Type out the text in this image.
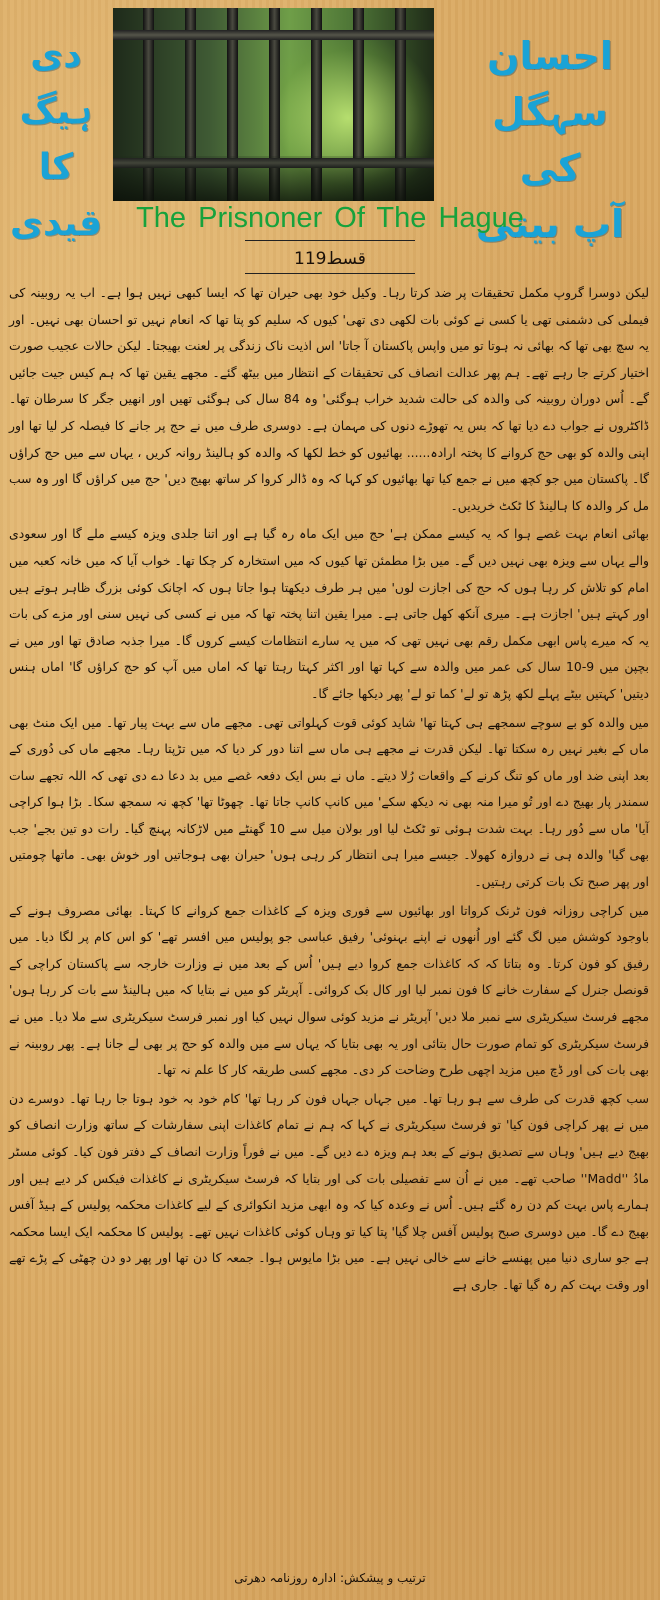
احسان سہگل
کی
آپ بیتی
دی ہیگ
کا
قیدی	The Prisnoner Of The Hague
قسط119

لیکن دوسرا گروپ مکمل تحقیقات پر ضد کرتا رہا۔ وکیل خود بھی حیران تھا کہ ایسا کبھی نہیں ہوا ہے۔ اب یہ روبینہ کی فیملی کی دشمنی تھی یا کسی نے کوئی بات لکھی دی تھی' کیوں کہ سلیم کو پتا تھا کہ انعام نہیں تو احسان بھی نہیں۔ اور یہ سچ بھی تھا کہ بھائی نہ ہوتا تو میں واپس پاکستان آ جاتا' اس اذیت ناک زندگی پر لعنت بھیجتا۔ لیکن حالات عجیب صورت اختیار کرتے جا رہے تھے۔ ہم پھر عدالت انصاف کی تحقیقات کے انتظار میں بیٹھ گئے۔ مجھے یقین تھا کہ ہم کیس جیت جائیں گے۔ اُس دوران روبینہ کی والدہ کی حالت شدید خراب ہوگئی' وہ 84 سال کی ہوگئی تھیں اور انھیں جگر کا سرطان تھا۔ ڈاکٹروں نے جواب دے دیا تھا کہ بس یہ تھوڑے دنوں کی مہمان ہے۔ دوسری طرف میں نے حج پر جانے کا فیصلہ کر لیا تھا اور اپنی والدہ کو بھی حج کروانے کا پختہ ارادہ...... بھائیوں کو خط لکھا کہ والدہ کو ہالینڈ روانہ کریں ، یہاں سے میں حج کراؤں گا۔ پاکستان میں جو کچھ میں نے جمع کیا تھا بھائیوں کو کہا کہ وہ ڈالر کروا کر ساتھ بھیج دیں' حج میں کراؤں گا اور وہ سب مل کر والدہ کا ہالینڈ کا ٹکٹ خریدیں۔

بھائی انعام بہت غصے ہوا کہ یہ کیسے ممکن ہے' حج میں ایک ماہ رہ گیا ہے اور اتنا جلدی ویزہ کیسے ملے گا اور سعودی والے یہاں سے ویزہ بھی نہیں دیں گے۔ میں بڑا مطمئن تھا کیوں کہ میں استخارہ کر چکا تھا۔ خواب آیا کہ میں خانہ کعبہ میں امام کو تلاش کر رہا ہوں کہ حج کی اجازت لوں' میں ہر طرف دیکھتا ہوا جاتا ہوں کہ اچانک کوئی بزرگ ظاہر ہوتے ہیں اور کہتے ہیں' اجازت ہے۔ میری آنکھ کھل جاتی ہے۔ میرا یقین اتنا پختہ تھا کہ میں نے کسی کی نہیں سنی اور مزے کی بات یہ کہ میرے پاس ابھی مکمل رقم بھی نہیں تھی کہ میں یہ سارے انتظامات کیسے کروں گا۔ میرا جذبہ صادق تھا اور میں نے بچپن میں 9-10 سال کی عمر میں والدہ سے کہا تھا اور اکثر کہتا رہتا تھا کہ اماں میں آپ کو حج کراؤں گا' اماں ہنس دیتیں' کہتیں بیٹے پہلے لکھ پڑھ تو لے' کما تو لے' پھر دیکھا جائے گا۔

میں والدہ کو بے سوچے سمجھے ہی کہتا تھا' شاید کوئی قوت کہلواتی تھی۔ مجھے ماں سے بہت پیار تھا۔ میں ایک منٹ بھی ماں کے بغیر نہیں رہ سکتا تھا۔ لیکن قدرت نے مجھے ہی ماں سے اتنا دور کر دیا کہ میں تڑپتا رہا۔ مجھے ماں کی دُوری کے بعد اپنی ضد اور ماں کو تنگ کرنے کے واقعات رُلا دیتے۔ ماں نے بس ایک دفعہ غصے میں بد دعا دے دی تھی کہ اللہ تجھے سات سمندر پار بھیج دے اور تُو میرا منہ بھی نہ دیکھ سکے' میں کانپ کانپ جاتا تھا۔ چھوٹا تھا' کچھ نہ سمجھ سکا۔ بڑا ہوا کراچی آیا' ماں سے دُور رہا۔ بہت شدت ہوئی تو ٹکٹ لیا اور بولان میل سے 10 گھنٹے میں لاڑکانہ پہنچ گیا۔ رات دو تین بجے' جب بھی گیا' والدہ ہی نے دروازہ کھولا۔ جیسے میرا ہی انتظار کر رہی ہوں' حیران بھی ہوجاتیں اور خوش بھی۔ ماتھا چومتیں اور پھر صبح تک بات کرتی رہتیں۔

میں کراچی روزانہ فون ٹرنک کرواتا اور بھائیوں سے فوری ویزہ کے کاغذات جمع کروانے کا کہتا۔ بھائی مصروف ہونے کے باوجود کوشش میں لگ گئے اور اُنھوں نے اپنے بہنوئی' رفیق عباسی جو پولیس میں افسر تھے' کو اس کام پر لگا دیا۔ میں رفیق کو فون کرتا۔ وہ بتاتا کہ کہ کاغذات جمع کروا دیے ہیں' اُس کے بعد میں نے وزارت خارجہ سے پاکستان کراچی کے قونصل جنرل کے سفارت خانے کا فون نمبر لیا اور کال بک کروائی۔ آپریٹر کو میں نے بتایا کہ میں ہالینڈ سے بات کر رہا ہوں' مجھے فرسٹ سیکریٹری سے نمبر ملا دیں' آپریٹر نے مزید کوئی سوال نہیں کیا اور نمبر فرسٹ سیکریٹری سے ملا دیا۔ میں نے فرسٹ سیکریٹری کو تمام صورت حال بتائی اور یہ بھی بتایا کہ یہاں سے میں والدہ کو حج پر بھی لے جانا ہے۔ پھر روبینہ نے بھی بات کی اور ڈچ میں مزید اچھی طرح وضاحت کر دی۔ مجھے کسی طریقہ کار کا علم نہ تھا۔

سب کچھ قدرت کی طرف سے ہو رہا تھا۔ میں جہاں جہاں فون کر رہا تھا' کام خود بہ خود ہوتا جا رہا تھا۔ دوسرے دن میں نے پھر کراچی فون کیا' تو فرسٹ سیکریٹری نے کہا کہ ہم نے تمام کاغذات اپنی سفارشات کے ساتھ وزارت انصاف کو بھیج دیے ہیں' وہاں سے تصدیق ہونے کے بعد ہم ویزہ دے دیں گے۔ میں نے فوراً وزارت انصاف کے دفتر فون کیا۔ کوئی مسٹر مادُ ''Madd'' صاحب تھے۔ میں نے اُن سے تفصیلی بات کی اور بتایا کہ فرسٹ سیکریٹری نے کاغذات فیکس کر دیے ہیں اور ہمارے پاس بہت کم دن رہ گئے ہیں۔ اُس نے وعدہ کیا کہ وہ ابھی مزید انکوائری کے لیے کاغذات محکمہ پولیس کے ہیڈ آفس بھیج دے گا۔ میں دوسری صبح پولیس آفس چلا گیا' پتا کیا تو وہاں کوئی کاغذات نہیں تھے۔ پولیس کا محکمہ ایک ایسا محکمہ ہے جو ساری دنیا میں پھنسے خانے سے خالی نہیں ہے۔ میں بڑا مایوس ہوا۔ جمعہ کا دن تھا اور پھر دو دن چھٹی کے پڑے تھے اور وقت بہت کم رہ گیا تھا۔ جاری ہے

ترتیب و پیشکش: ادارہ روزنامہ دھرتی
